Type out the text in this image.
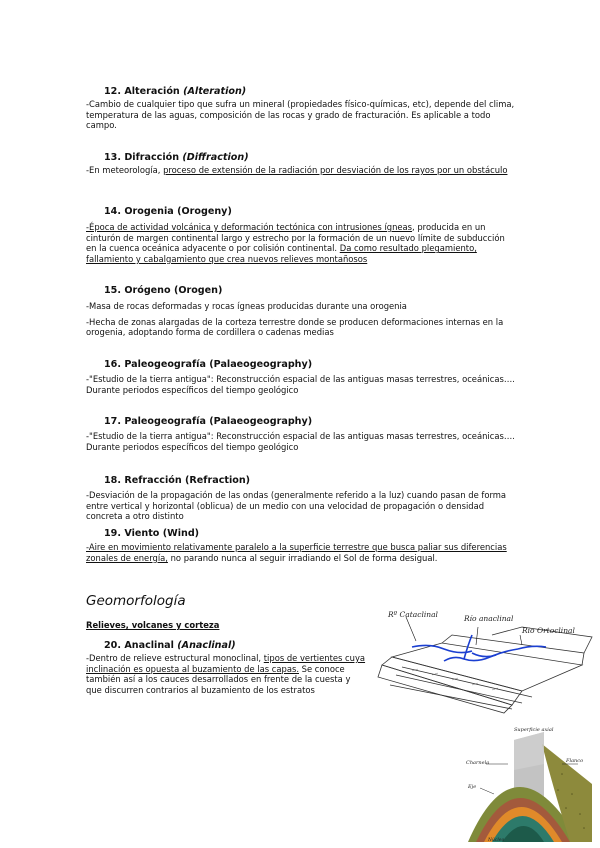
12. Alteración (Alteration)

-Cambio de cualquier tipo que sufra un mineral (propiedades físico-químicas, etc), depende del clima, temperatura de las aguas, composición de las rocas y grado de fracturación. Es aplicable a todo campo.

13. Difracción (Diffraction)

-En meteorología, proceso de extensión de la radiación por desviación de los rayos por un obstáculo

14. Orogenia (Orogeny)

-Época de actividad volcánica y deformación tectónica con intrusiones ígneas, producida en un cinturón de margen continental largo y estrecho por la formación de un nuevo límite de subducción en la cuenca oceánica adyacente o por colisión continental. Da como resultado plegamiento, fallamiento y cabalgamiento que crea nuevos relieves montañosos

15. Orógeno (Orogen)

-Masa de rocas deformadas y rocas ígneas producidas durante una orogenia

-Hecha de zonas alargadas de la corteza terrestre donde se producen deformaciones internas en la orogenia, adoptando forma de cordillera o cadenas medias

16. Paleogeografía (Palaeogeography)

-"Estudio de la tierra antigua": Reconstrucción espacial de las antiguas masas terrestres, oceánicas…. Durante periodos específicos del tiempo geológico

17. Paleogeografía (Palaeogeography)

-"Estudio de la tierra antigua": Reconstrucción espacial de las antiguas masas terrestres, oceánicas…. Durante periodos específicos del tiempo geológico

18. Refracción (Refraction)

-Desviación de la propagación de las ondas (generalmente referido a la luz) cuando pasan de forma entre vertical y horizontal (oblicua) de un medio con una velocidad de propagación o densidad concreta a otro distinto

19. Viento (Wind)

-Aire en movimiento relativamente paralelo a la superficie terrestre que busca paliar sus diferencias zonales de energía, no parando nunca al seguir irradiando el Sol de forma desigual.

Geomorfología
Relieves, volcanes y corteza
20. Anaclinal (Anaclinal)

-Dentro de relieve estructural monoclinal, tipos de vertientes cuya inclinación es opuesta al buzamiento de las capas. Se conoce también así a los cauces desarrollados en frente de la cuesta y que discurren contrarios al buzamiento de los estratos

Rº Cataclinal	Río anaclinal
Rio Ortoclinal
Superficie axial
Charnela	Flanco
Eje
Núcleo
